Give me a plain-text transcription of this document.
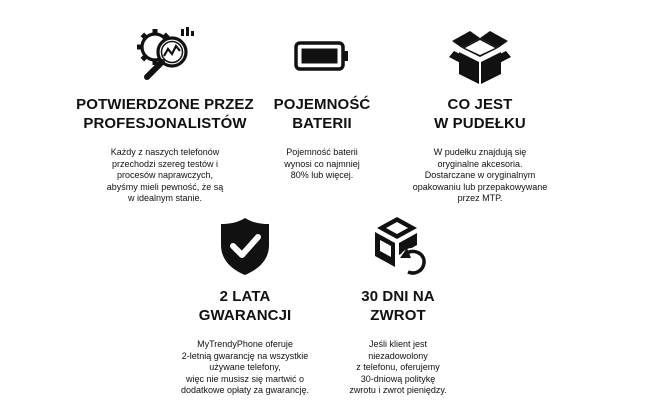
POTWIERDZONE PRZEZ
PROFESJONALISTÓW

Każdy z naszych telefonów
przechodzi szereg testów i
procesów naprawczych,
abyśmy mieli pewność, że są
w idealnym stanie.

POJEMNOŚĆ
BATERII

Pojemność baterii
wynosi co najmniej
80% lub więcej.

CO JEST
W PUDEŁKU

W pudełku znajdują się
oryginalne akcesoria.
Dostarczane w oryginalnym
opakowaniu lub przepakowywane
przez MTP.

2 LATA
GWARANCJI

MyTrendyPhone oferuje
2-letnią gwarancję na wszystkie
używane telefony,
więc nie musisz się martwić o
dodatkowe opłaty za gwarancję.

30 DNI NA
ZWROT

Jeśli klient jest
niezadowolony
z telefonu, oferujemy
30-dniową politykę
zwrotu i zwrot pieniędzy.
